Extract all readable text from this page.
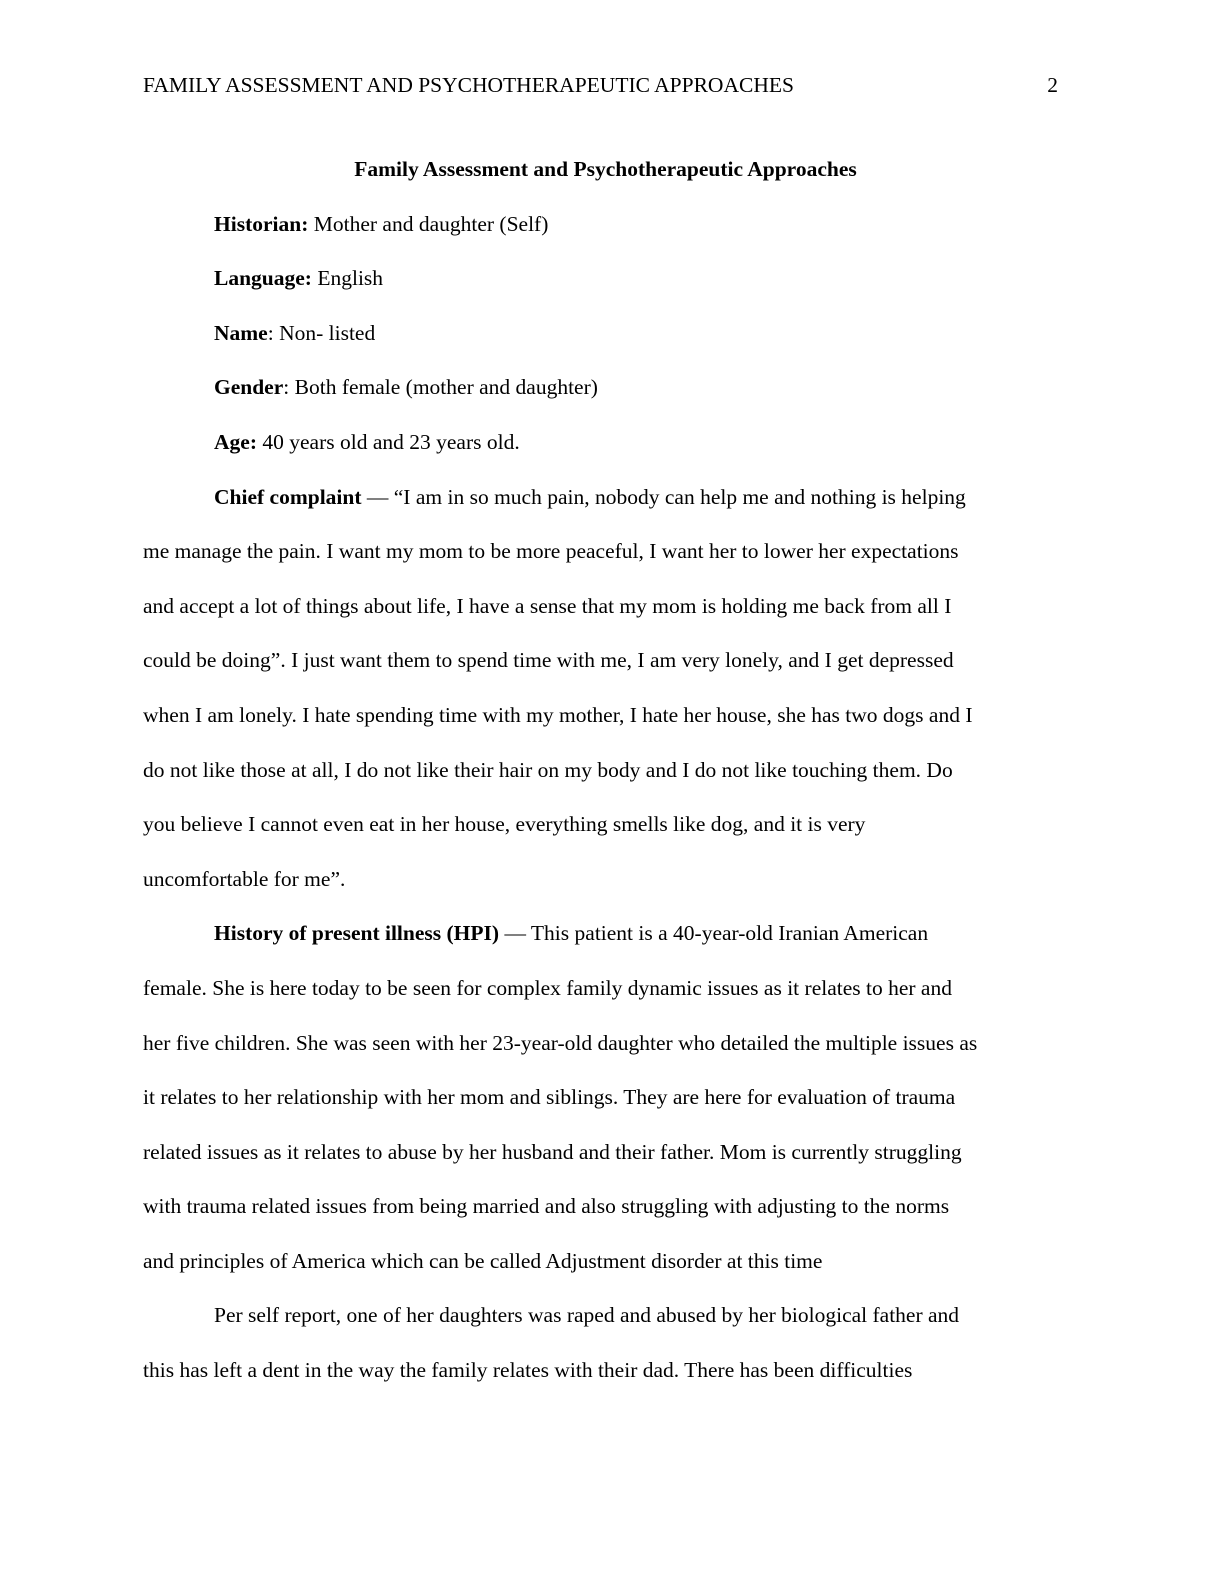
FAMILY ASSESSMENT AND PSYCHOTHERAPEUTIC APPROACHES	2

Family Assessment and Psychotherapeutic Approaches

Historian: Mother and daughter (Self)

Language: English

Name: Non- listed

Gender: Both female (mother and daughter)

Age: 40 years old and 23 years old.

Chief complaint — “I am in so much pain, nobody can help me and nothing is helping
me manage the pain. I want my mom to be more peaceful, I want her to lower her expectations
and accept a lot of things about life, I have a sense that my mom is holding me back from all I
could be doing”. I just want them to spend time with me, I am very lonely, and I get depressed
when I am lonely. I hate spending time with my mother, I hate her house, she has two dogs and I
do not like those at all, I do not like their hair on my body and I do not like touching them. Do
you believe I cannot even eat in her house, everything smells like dog, and it is very
uncomfortable for me”.
History of present illness (HPI) — This patient is a 40-year-old Iranian American
female. She is here today to be seen for complex family dynamic issues as it relates to her and
her five children. She was seen with her 23-year-old daughter who detailed the multiple issues as
it relates to her relationship with her mom and siblings. They are here for evaluation of trauma
related issues as it relates to abuse by her husband and their father. Mom is currently struggling
with trauma related issues from being married and also struggling with adjusting to the norms
and principles of America which can be called Adjustment disorder at this time
Per self report, one of her daughters was raped and abused by her biological father and
this has left a dent in the way the family relates with their dad. There has been difficulties
